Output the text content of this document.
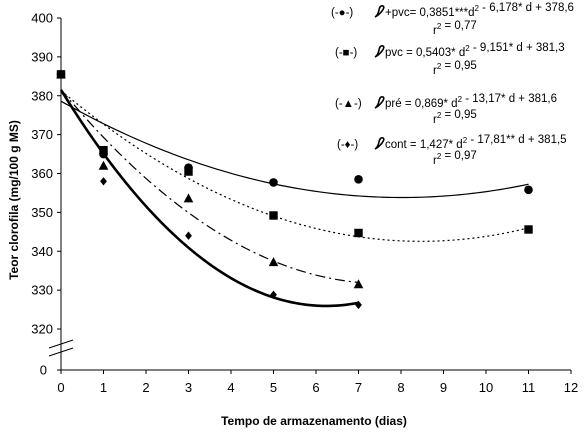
320
330
340
350
360
370
380
390
400
0
0	1	2	3	4	5	6	7	8	9 10 11 12
(-●-)	$+pvc= 0,3851***d^2 - 6,178*$ d + 378,6
$r^2 = 0,77$
(-■-) pvc = 0,5403* $d^2 - 9,151*$ d + 381,3
$r^2 = 0,95$
(-▲-) pré = 0,869* $d^2 - 13,17*$ d + 381,6
$r^2 = 0,95$
(-♦-) cont = 1,427* $d^2 - 17,81**$ d + 381,5
$r^2 = 0,97$
Tempo de armazenamento (dias)
Teor clorofila (mg/100 g MS)
